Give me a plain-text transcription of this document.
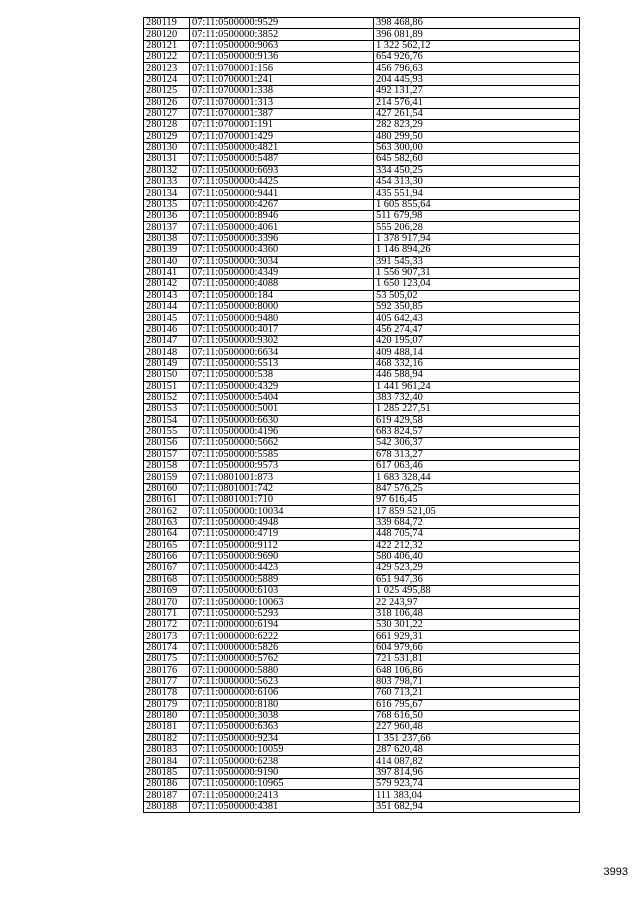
280119	07:11:0500000:9529	398 468,86
280120	07:11:0500000:3852	396 081,89
280121	07:11:0500000:9063	1 322 562,12
280122	07:11:0500000:9136	654 926,76
280123	07:11:0700001:156	456 796,63
280124	07:11:0700001:241	204 445,93
280125	07:11:0700001:338	492 131,27
280126	07:11:0700001:313	214 576,41
280127	07:11:0700001:387	427 261,54
280128	07:11:0700001:191	282 823,29
280129	07:11:0700001:429	480 299,50
280130	07:11:0500000:4821	563 300,00
280131	07:11:0500000:5487	645 582,60
280132	07:11:0500000:6693	334 450,25
280133	07:11:0500000:4425	454 313,30
280134	07:11:0500000:9441	435 551,94
280135	07:11:0500000:4267	1 605 855,64
280136	07:11:0500000:8946	511 679,98
280137	07:11:0500000:4061	555 206,28
280138	07:11:0500000:3396	1 378 917,94
280139	07:11:0500000:4360	1 146 894,26
280140	07:11:0500000:3034	391 545,33
280141	07:11:0500000:4349	1 556 907,31
280142	07:11:0500000:4088	1 650 123,04
280143	07:11:0500000:184	53 505,02
280144	07:11:0500000:8000	592 350,85
280145	07:11:0500000:9480	405 642,43
280146	07:11:0500000:4017	456 274,47
280147	07:11:0500000:9302	420 195,07
280148	07:11:0500000:6634	409 488,14
280149	07:11:0500000:5513	468 332,16
280150	07:11:0500000:538	446 588,94
280151	07:11:0500000:4329	1 441 961,24
280152	07:11:0500000:5404	383 732,40
280153	07:11:0500000:5001	1 285 227,51
280154	07:11:0500000:6630	619 429,58
280155	07:11:0500000:4196	683 824,57
280156	07:11:0500000:5662	542 306,37
280157	07:11:0500000:5585	678 313,27
280158	07:11:0500000:9573	617 063,46
280159	07:11:0801001:873	1 683 328,44
280160	07:11:0801001:742	847 576,25
280161	07:11:0801001:710	97 616,45
280162	07:11:0500000:10034	17 859 521,05
280163	07:11:0500000:4948	339 684,72
280164	07:11:0500000:4719	448 705,74
280165	07:11:0500000:9112	422 212,32
280166	07:11:0500000:9690	580 406,40
280167	07:11:0500000:4423	429 523,29
280168	07:11:0500000:5889	651 947,36
280169	07:11:0500000:6103	1 025 495,88
280170	07:11:0500000:10063	22 243,97
280171	07:11:0500000:5293	318 106,48
280172	07:11:0000000:6194	530 301,22
280173	07:11:0000000:6222	661 929,31
280174	07:11:0000000:5826	604 979,66
280175	07:11:0000000:5762	721 531,81
280176	07:11:0000000:5880	648 106,86
280177	07:11:0000000:5623	803 798,71
280178	07:11:0000000:6106	760 713,21
280179	07:11:0500000:8180	616 795,67
280180	07:11:0500000:3038	768 616,50
280181	07:11:0500000:6363	227 960,48
280182	07:11:0500000:9234	1 351 237,66
280183	07:11:0500000:10059	287 620,48
280184	07:11:0500000:6238	414 087,82
280185	07:11:0500000:9190	397 814,96
280186	07:11:0500000:10965	579 923,74
280187	07:11:0500000:2413	111 383,04
280188	07:11:0500000:4381	351 682,94
3993
